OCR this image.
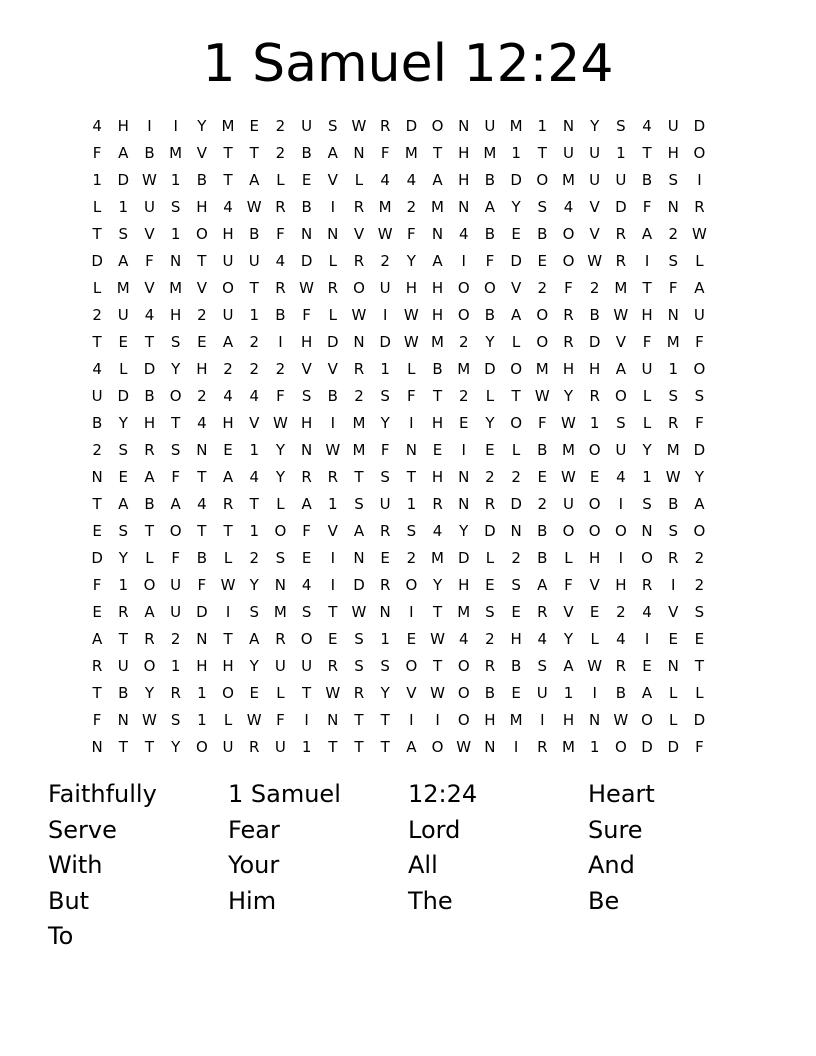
1 Samuel 12:24
4	H	I	I	Y	M E	2	U	S W R	D O N	U M 1	N	Y	S	4	U D
F	A	B M V	T	T	2	B	A	N	F	M	T	H M 1	T	U	U	1	T	H O
1	D W 1	B	T	A	L	E	V	L	4	4	A	H	B	D O M U	U	B	S	I
L	1	U	S	H	4 W R	B	I	R M 2 M N	A	Y	S	4	V	D	F	N	R
T	S	V	1	O H	B	F	N N	V W F	N	4	B	E	B	O	V	R	A	2 W
D	A	F	N	T	U	U	4	D	L	R	2	Y	A	I	F	D	E	O W R	I	S	L
L	M V M V	O	T	R W R	O U	H H O O	V	2	F	2 M	T	F	A
2	U	4	H	2	U	1	B	F	L W	I	W H O	B	A	O	R	B W H N	U
T	E	T	S	E	A	2	I	H D N D W M 2	Y	L	O	R	D	V	F	M	F
4	L	D	Y	H	2	2	2	V	V	R	1	L	B M D O M H H	A	U	1	O
U D	B	O	2	4	4	F	S	B	2	S	F	T	2	L	T W Y	R	O	L	S	S
B	Y	H	T	4	H	V W H	I	M	Y	I	H	E	Y	O	F W 1	S	L	R	F
2	S	R	S	N	E	1	Y	N W M	F	N	E	I	E	L	B M O U	Y	M D
N	E	A	F	T	A	4	Y	R	R	T	S	T	H N	2	2	E W E	4	1 W Y
T	A	B	A	4	R	T	L	A	1	S	U	1	R	N	R	D	2	U O	I	S	B	A
E	S	T	O	T	T	1	O	F	V	A	R	S	4	Y	D N	B	O O O N	S	O
D	Y	L	F	B	L	2	S	E	I	N	E	2 M D	L	2	B	L	H	I	O	R	2
F	1	O U	F W Y	N	4	I	D	R	O	Y	H	E	S	A	F	V	H	R	I	2
E	R	A	U D	I	S M S	T W N	I	T	M S	E	R	V	E	2	4	V	S
A	T	R	2	N	T	A	R	O	E	S	1	E W 4	2	H	4	Y	L	4	I	E	E
R	U O	1	H H	Y	U	U	R	S	S	O	T	O	R	B	S	A W R	E	N	T
T	B	Y	R	1	O	E	L	T W R	Y	V W O	B	E	U	1	I	B	A	L	L
F	N W S	1	L W F	I	N	T	T	I	I	O H M	I	H N W O	L	D
N	T	T	Y	O U	R	U	1	T	T	T	A	O W N	I	R M 1	O D D	F
Faithfully	1 Samuel	12:24	Heart
Serve	Fear	Lord	Sure
With	Your	All	And
But	Him	The	Be
To
